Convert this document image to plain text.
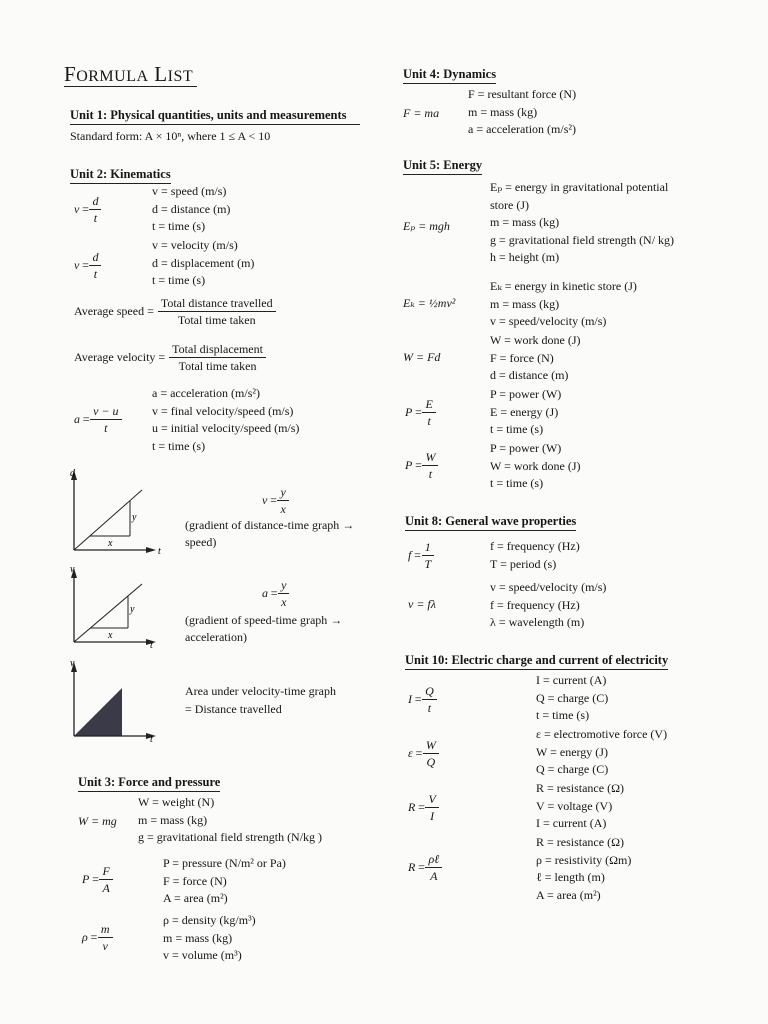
FORMULA LIST
Unit 1: Physical quantities, units and measurements
Standard form: A × 10ⁿ, where 1 ≤ A < 10
Unit 2: Kinematics
$v = \frac{d}{t}$
v = speed (m/s)
d = distance (m)
t = time (s)
$v = \frac{d}{t}$
v = velocity (m/s)
d = displacement (m)
t = time (s)
Average speed = $\frac{\text{Total distance travelled}}{\text{Total time taken}}$
Average velocity = $\frac{\text{Total displacement}}{\text{Total time taken}}$
$a = \frac{v - u}{t}$
a = acceleration (m/s²)
v = final velocity/speed (m/s)
u = initial velocity/speed (m/s)
t = time (s)
d
t
x
y
$v = \frac{y}{x}$
(gradient of distance-time graph → speed)
v
t
x
y
$a = \frac{y}{x}$
(gradient of speed-time graph → acceleration)
v
t
Area under velocity-time graph
= Distance travelled
Unit 3: Force and pressure
W = mg
W = weight (N)
m = mass (kg)
g = gravitational field strength (N/kg )
$P = \frac{F}{A}$
P = pressure (N/m² or Pa)
F = force (N)
A = area (m²)
$\rho = \frac{m}{v}$
ρ = density (kg/m³)
m = mass (kg)
v = volume (m³)
Unit 4: Dynamics
F = ma
F = resultant force (N)
m = mass (kg)
a = acceleration (m/s²)
Unit 5: Energy
Eₚ = mgh
Eₚ = energy in gravitational potential store (J)
m = mass (kg)
g = gravitational field strength (N/ kg)
h = height (m)
Eₖ = ½mv²
Eₖ = energy in kinetic store (J)
m = mass (kg)
v = speed/velocity (m/s)
W = Fd
W = work done (J)
F = force (N)
d = distance (m)
$P = \frac{E}{t}$
P = power (W)
E = energy (J)
t = time (s)
$P = \frac{W}{t}$
P = power (W)
W = work done (J)
t = time (s)
Unit 8: General wave properties
$f = \frac{1}{T}$	f = frequency (Hz)
T = period (s)
v = fλ
v = speed/velocity (m/s)
f = frequency (Hz)
λ = wavelength (m)
Unit 10: Electric charge and current of electricity
$I = \frac{Q}{t}$
I = current (A)
Q = charge (C)
t = time (s)
$\varepsilon = \frac{W}{Q}$
ε = electromotive force (V)
W = energy (J)
Q = charge (C)
$R = \frac{V}{I}$
R = resistance (Ω)
V = voltage (V)
I = current (A)
$R = \frac{\text{ρℓ}}{A}$
R = resistance (Ω)
ρ = resistivity (Ωm)
ℓ = length (m)
A = area (m²)
